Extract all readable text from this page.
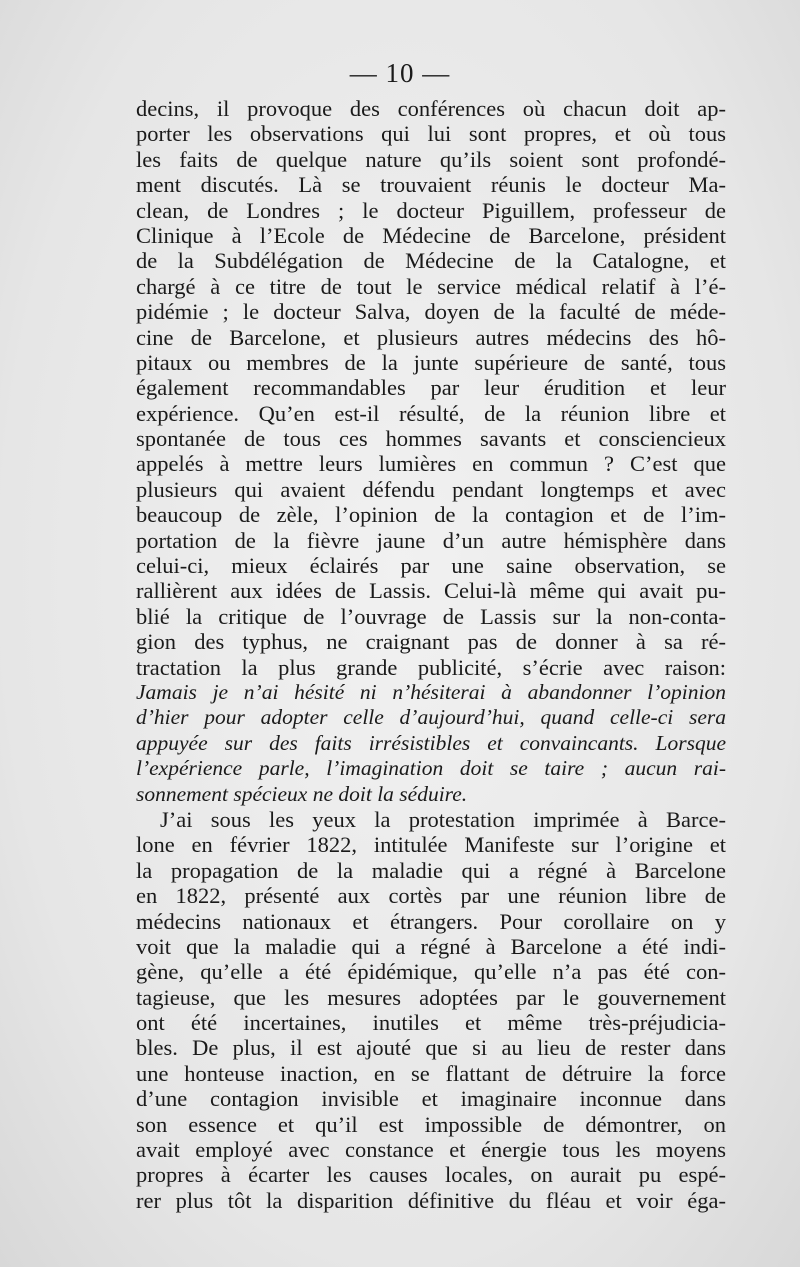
— 10 —
decins, il provoque des conférences où chacun doit ap-
porter les observations qui lui sont propres, et où tous
les faits de quelque nature qu’ils soient sont profondé-
ment discutés. Là se trouvaient réunis le docteur Ma-
clean, de Londres ; le docteur Piguillem, professeur de
Clinique à l’Ecole de Médecine de Barcelone, président
de la Subdélégation de Médecine de la Catalogne, et
chargé à ce titre de tout le service médical relatif à l’é-
pidémie ; le docteur Salva, doyen de la faculté de méde-
cine de Barcelone, et plusieurs autres médecins des hô-
pitaux ou membres de la junte supérieure de santé, tous
également recommandables par leur érudition et leur
expérience. Qu’en est-il résulté, de la réunion libre et
spontanée de tous ces hommes savants et consciencieux
appelés à mettre leurs lumières en commun ? C’est que
plusieurs qui avaient défendu pendant longtemps et avec
beaucoup de zèle, l’opinion de la contagion et de l’im-
portation de la fièvre jaune d’un autre hémisphère dans
celui-ci, mieux éclairés par une saine observation, se
rallièrent aux idées de Lassis. Celui-là même qui avait pu-
blié la critique de l’ouvrage de Lassis sur la non-conta-
gion des typhus, ne craignant pas de donner à sa ré-
tractation la plus grande publicité, s’écrie avec raison:
Jamais je n’ai hésité ni n’hésiterai à abandonner l’opinion
d’hier pour adopter celle d’aujourd’hui, quand celle-ci sera
appuyée sur des faits irrésistibles et convaincants. Lorsque
l’expérience parle, l’imagination doit se taire ; aucun rai-
sonnement spécieux ne doit la séduire.
J’ai sous les yeux la protestation imprimée à Barce-
lone en février 1822, intitulée Manifeste sur l’origine et
la propagation de la maladie qui a régné à Barcelone
en 1822, présenté aux cortès par une réunion libre de
médecins nationaux et étrangers. Pour corollaire on y
voit que la maladie qui a régné à Barcelone a été indi-
gène, qu’elle a été épidémique, qu’elle n’a pas été con-
tagieuse, que les mesures adoptées par le gouvernement
ont été incertaines, inutiles et même très-préjudicia-
bles. De plus, il est ajouté que si au lieu de rester dans
une honteuse inaction, en se flattant de détruire la force
d’une contagion invisible et imaginaire inconnue dans
son essence et qu’il est impossible de démontrer, on
avait employé avec constance et énergie tous les moyens
propres à écarter les causes locales, on aurait pu espé-
rer plus tôt la disparition définitive du fléau et voir éga-
